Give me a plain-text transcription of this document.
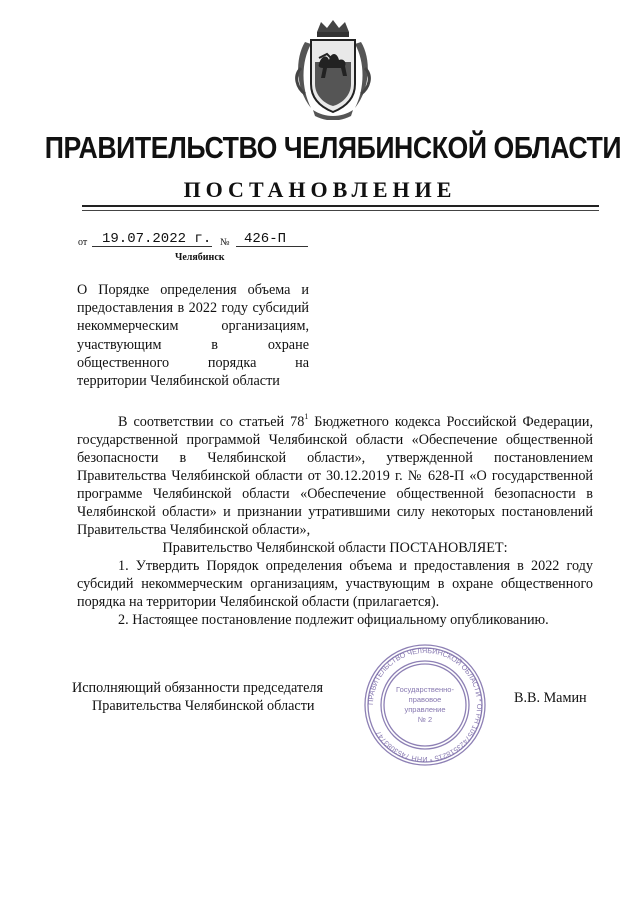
ПРАВИТЕЛЬСТВО ЧЕЛЯБИНСКОЙ ОБЛАСТИ
ПОСТАНОВЛЕНИЕ
от 19.07.2022 г. № 426-П
Челябинск
О Порядке определения объема и предоставления в 2022 году субсидий некоммерческим организациям, участвующим в охране общественного порядка на территории Челябинской области

В соответствии со статьей $78^1$ Бюджетного кодекса Российской Федерации, государственной программой Челябинской области «Обеспечение общественной безопасности в Челябинской области», утвержденной постановлением Правительства Челябинской области от 30.12.2019 г. № 628-П «О государственной программе Челябинской области «Обеспечение общественной безопасности в Челябинской области» и признании утратившими силу некоторых постановлений Правительства Челябинской области»,

Правительство Челябинской области ПОСТАНОВЛЯЕТ:

1. Утвердить Порядок определения объема и предоставления в 2022 году субсидий некоммерческим организациям, участвующим в охране общественного порядка на территории Челябинской области (прилагается).

2. Настоящее постановление подлежит официальному опубликованию.

Исполняющий обязанности председателя
Правительства Челябинской области	В.В. Мамин
ПРАВИТЕЛЬСТВО ЧЕЛЯБИНСКОЙ ОБЛАСТИ * ОГРН 1057423518215 * ИНН 7453083747
Государственно-
правовое
управление
№ 2
